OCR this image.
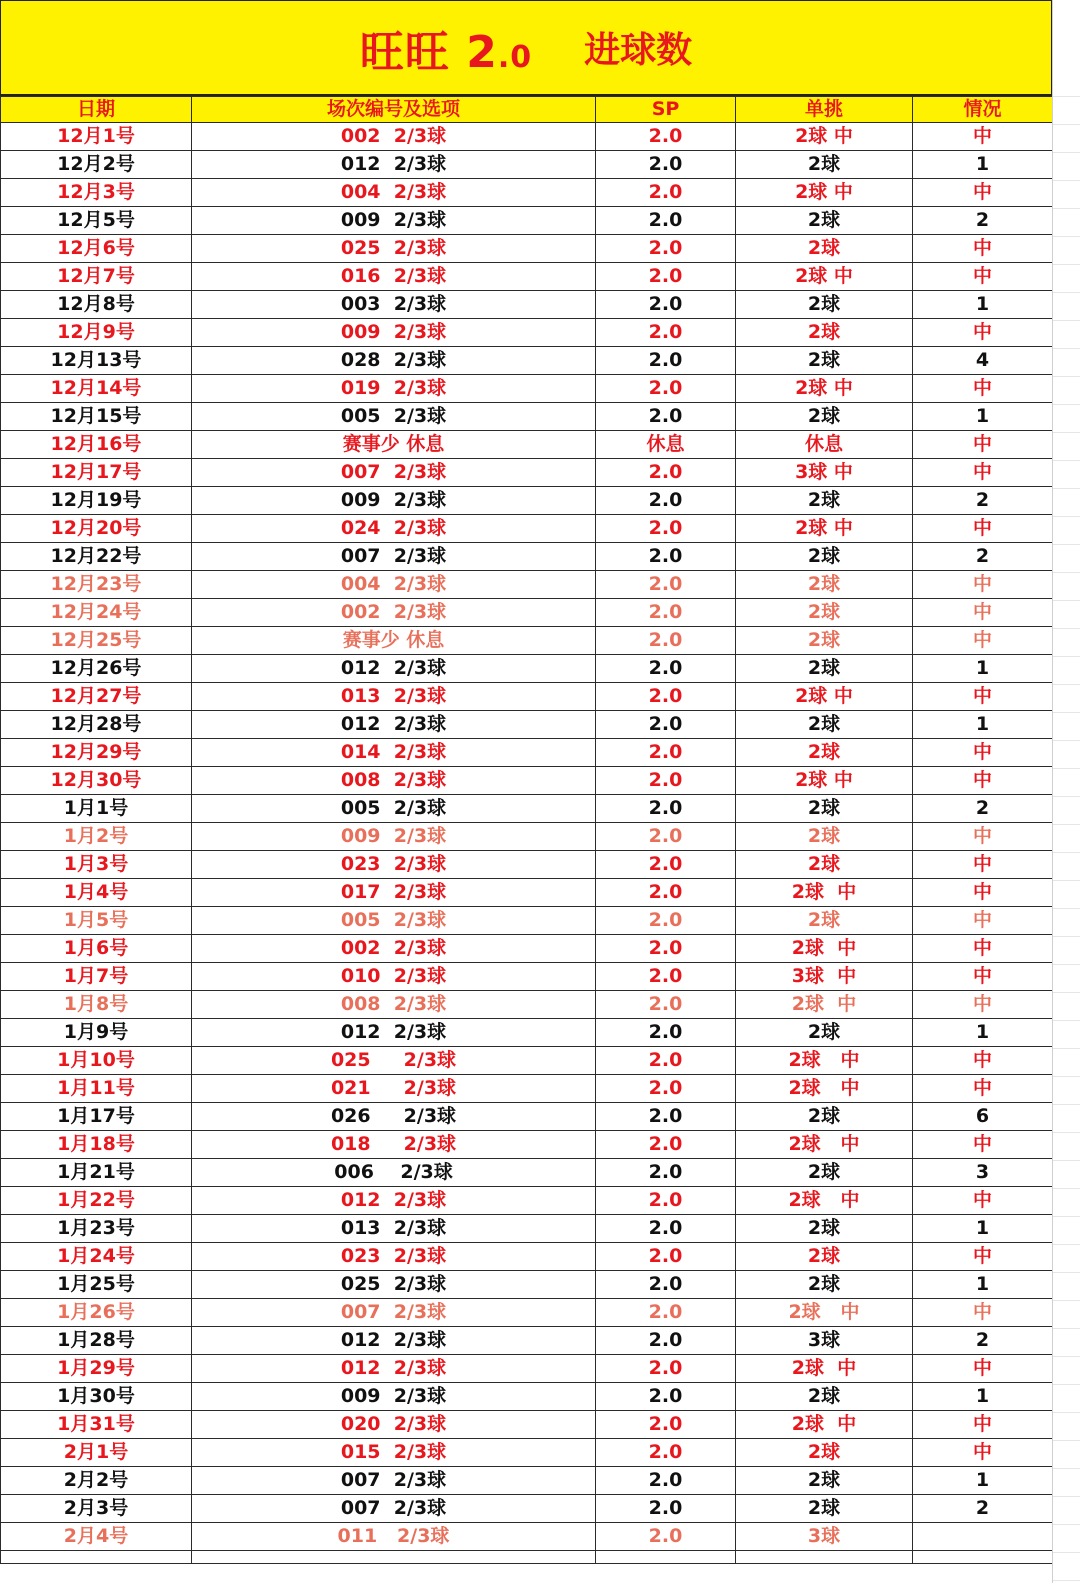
旺旺 2.0 进球数
日期	场次编号及选项	SP	单挑	情况
12月1号	002  2/3球	2.0	2球 中	中
12月2号	012  2/3球	2.0	2球	1
12月3号	004  2/3球	2.0	2球 中	中
12月5号	009  2/3球	2.0	2球	2
12月6号	025  2/3球	2.0	2球	中
12月7号	016  2/3球	2.0	2球 中	中
12月8号	003  2/3球	2.0	2球	1
12月9号	009  2/3球	2.0	2球	中
12月13号	028  2/3球	2.0	2球	4
12月14号	019  2/3球	2.0	2球 中	中
12月15号	005  2/3球	2.0	2球	1
12月16号	赛事少 休息	休息	休息	中
12月17号	007  2/3球	2.0	3球 中	中
12月19号	009  2/3球	2.0	2球	2
12月20号	024  2/3球	2.0	2球 中	中
12月22号	007  2/3球	2.0	2球	2
12月23号	004  2/3球	2.0	2球	中
12月24号	002  2/3球	2.0	2球	中
12月25号	赛事少 休息	2.0	2球	中
12月26号	012  2/3球	2.0	2球	1
12月27号	013  2/3球	2.0	2球 中	中
12月28号	012  2/3球	2.0	2球	1
12月29号	014  2/3球	2.0	2球	中
12月30号	008  2/3球	2.0	2球 中	中
1月1号	005  2/3球	2.0	2球	2
1月2号	009  2/3球	2.0	2球	中
1月3号	023  2/3球	2.0	2球	中
1月4号	017  2/3球	2.0	2球  中	中
1月5号	005  2/3球	2.0	2球	中
1月6号	002  2/3球	2.0	2球  中	中
1月7号	010  2/3球	2.0	3球  中	中
1月8号	008  2/3球	2.0	2球  中	中
1月9号	012  2/3球	2.0	2球	1
1月10号	025     2/3球	2.0	2球   中	中
1月11号	021     2/3球	2.0	2球   中	中
1月17号	026     2/3球	2.0	2球	6
1月18号	018     2/3球	2.0	2球   中	中
1月21号	006    2/3球	2.0	2球	3
1月22号	012  2/3球	2.0	2球   中	中
1月23号	013  2/3球	2.0	2球	1
1月24号	023  2/3球	2.0	2球	中
1月25号	025  2/3球	2.0	2球	1
1月26号	007  2/3球	2.0	2球   中	中
1月28号	012  2/3球	2.0	3球	2
1月29号	012  2/3球	2.0	2球  中	中
1月30号	009  2/3球	2.0	2球	1
1月31号	020  2/3球	2.0	2球  中	中
2月1号	015  2/3球	2.0	2球	中
2月2号	007  2/3球	2.0	2球	1
2月3号	007  2/3球	2.0	2球	2
2月4号	011   2/3球	2.0	3球	
